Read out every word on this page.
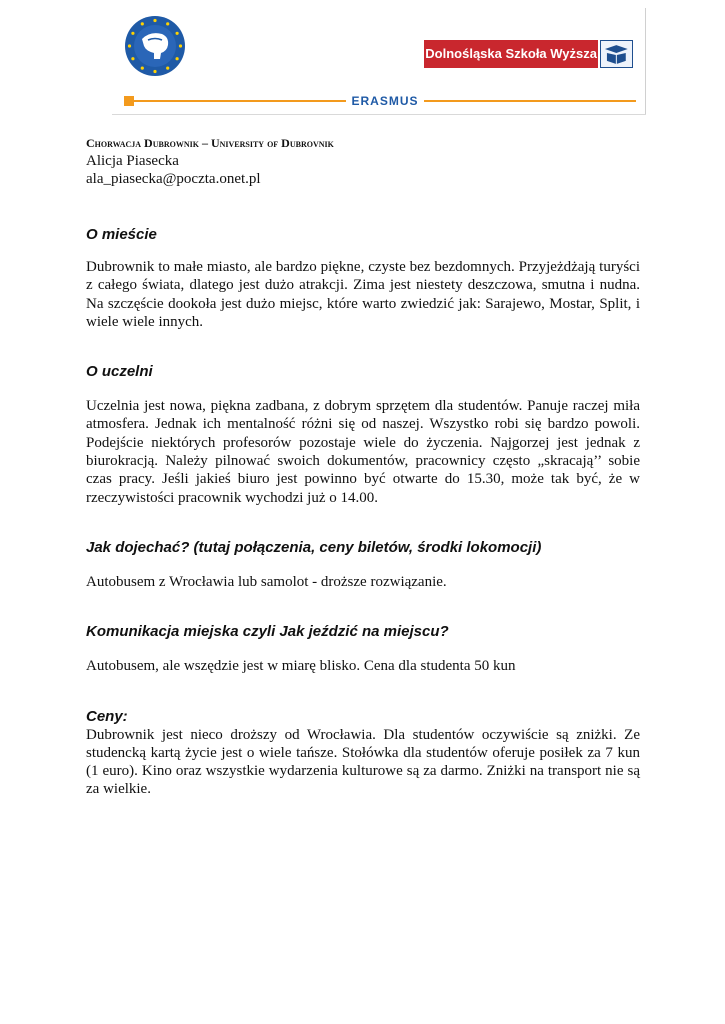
Dolnośląska Szkoła Wyższa
ERASMUS

Chorwacja Dubrownik – University of Dubrovnik

Alicja Piasecka

ala_piasecka@poczta.onet.pl

O mieście

Dubrownik to małe miasto, ale bardzo piękne, czyste bez bezdomnych. Przyjeżdżają turyści z całego świata, dlatego jest dużo atrakcji. Zima jest niestety deszczowa, smutna i nudna. Na szczęście dookoła jest dużo miejsc, które warto zwiedzić jak: Sarajewo, Mostar, Split, i wiele wiele innych.

O uczelni

Uczelnia jest nowa, piękna zadbana, z dobrym sprzętem dla studentów. Panuje raczej miła atmosfera. Jednak ich mentalność różni się od naszej. Wszystko robi się bardzo powoli. Podejście niektórych profesorów pozostaje wiele do życzenia. Najgorzej jest jednak z biurokracją. Należy pilnować swoich dokumentów, pracownicy często „skracają’’ sobie czas pracy. Jeśli jakieś biuro jest powinno być otwarte do 15.30, może tak być, że w rzeczywistości pracownik wychodzi już o 14.00.

Jak dojechać? (tutaj połączenia, ceny biletów, środki lokomocji)

Autobusem z Wrocławia lub samolot - droższe rozwiązanie.

Komunikacja miejska czyli Jak jeździć na miejscu?

Autobusem, ale wszędzie jest w miarę blisko. Cena dla studenta 50 kun

Ceny:

Dubrownik jest nieco droższy od Wrocławia. Dla studentów oczywiście są zniżki. Ze studencką kartą życie jest o wiele tańsze. Stołówka dla studentów oferuje posiłek za 7 kun (1 euro). Kino oraz wszystkie wydarzenia kulturowe są za darmo. Zniżki na transport nie są za wielkie.
